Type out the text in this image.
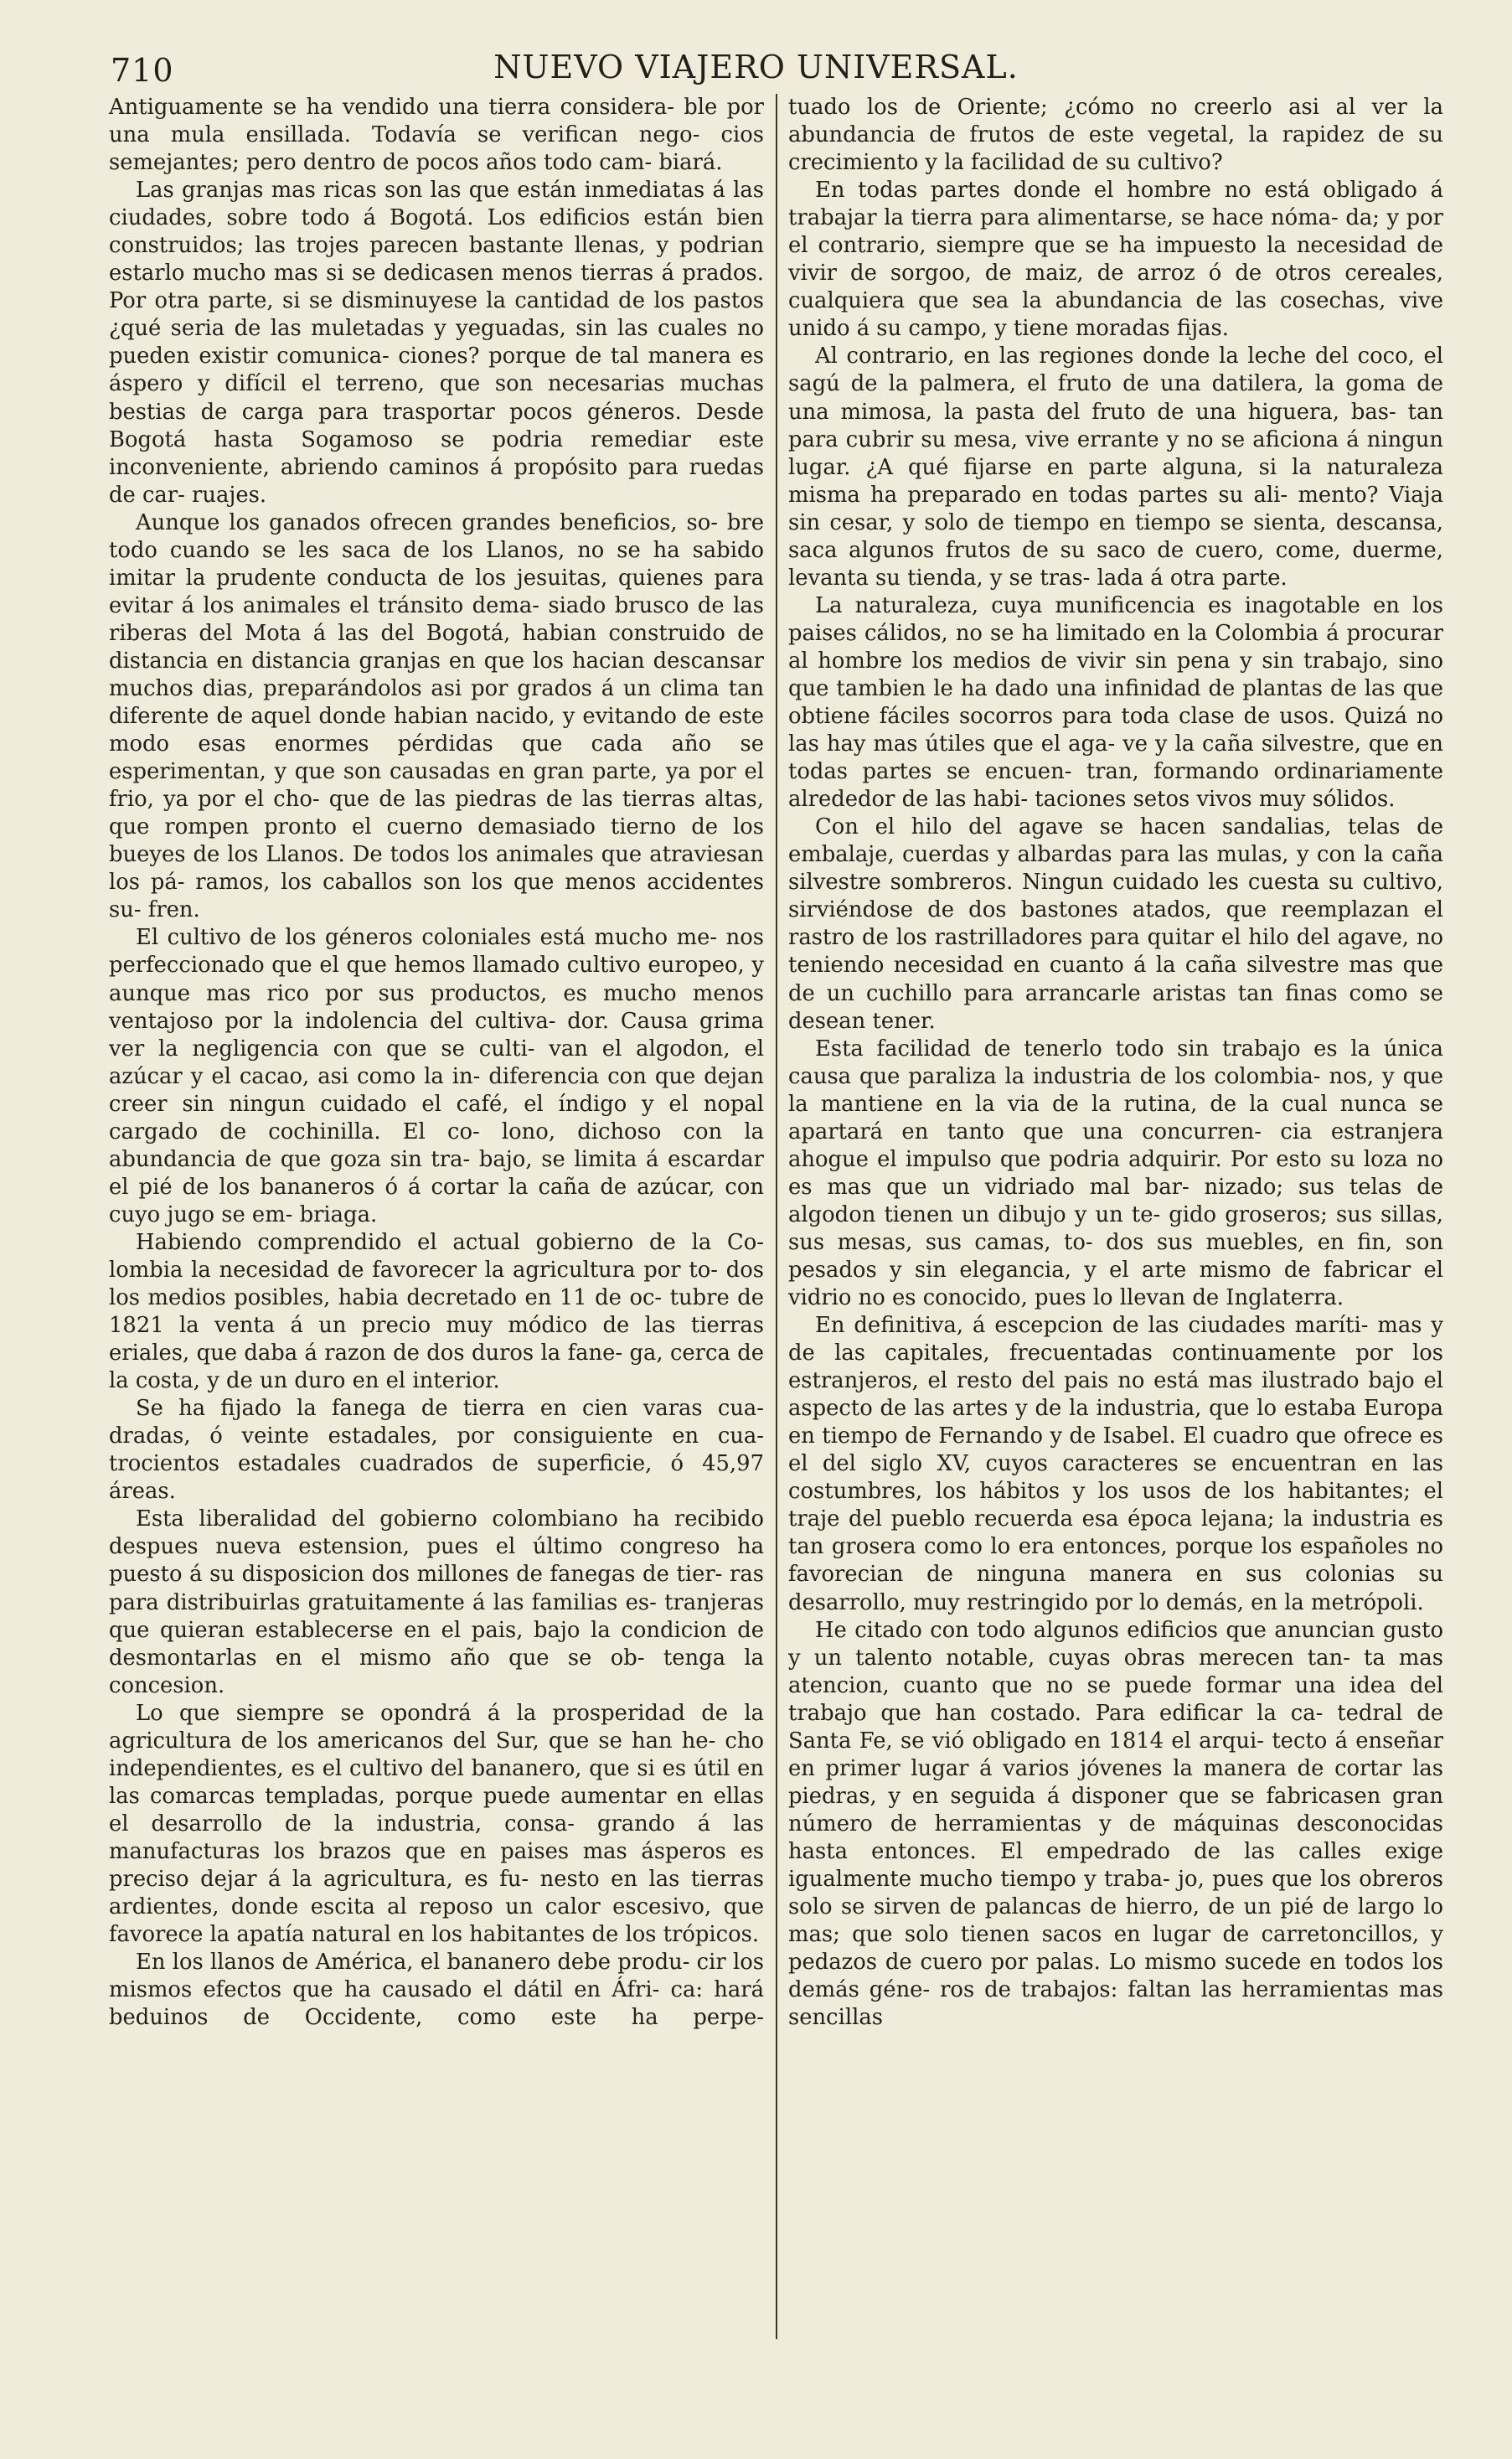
710	NUEVO VIAJERO UNIVERSAL.

Antiguamente se ha vendido una tierra considera- ble por una mula ensillada. Todavía se verifican nego- cios semejantes; pero dentro de pocos años todo cam- biará.

Las granjas mas ricas son las que están inmediatas á las ciudades, sobre todo á Bogotá. Los edificios están bien construidos; las trojes parecen bastante llenas, y podrian estarlo mucho mas si se dedicasen menos tierras á prados. Por otra parte, si se disminuyese la cantidad de los pastos ¿qué seria de las muletadas y yeguadas, sin las cuales no pueden existir comunica- ciones? porque de tal manera es áspero y difícil el terreno, que son necesarias muchas bestias de carga para trasportar pocos géneros. Desde Bogotá hasta Sogamoso se podria remediar este inconveniente, abriendo caminos á propósito para ruedas de car- ruajes.

Aunque los ganados ofrecen grandes beneficios, so- bre todo cuando se les saca de los Llanos, no se ha sabido imitar la prudente conducta de los jesuitas, quienes para evitar á los animales el tránsito dema- siado brusco de las riberas del Mota á las del Bogotá, habian construido de distancia en distancia granjas en que los hacian descansar muchos dias, preparándolos asi por grados á un clima tan diferente de aquel donde habian nacido, y evitando de este modo esas enormes pérdidas que cada año se esperimentan, y que son causadas en gran parte, ya por el frio, ya por el cho- que de las piedras de las tierras altas, que rompen pronto el cuerno demasiado tierno de los bueyes de los Llanos. De todos los animales que atraviesan los pá- ramos, los caballos son los que menos accidentes su- fren.

El cultivo de los géneros coloniales está mucho me- nos perfeccionado que el que hemos llamado cultivo europeo, y aunque mas rico por sus productos, es mucho menos ventajoso por la indolencia del cultiva- dor. Causa grima ver la negligencia con que se culti- van el algodon, el azúcar y el cacao, asi como la in- diferencia con que dejan creer sin ningun cuidado el café, el índigo y el nopal cargado de cochinilla. El co- lono, dichoso con la abundancia de que goza sin tra- bajo, se limita á escardar el pié de los bananeros ó á cortar la caña de azúcar, con cuyo jugo se em- briaga.

Habiendo comprendido el actual gobierno de la Co- lombia la necesidad de favorecer la agricultura por to- dos los medios posibles, habia decretado en 11 de oc- tubre de 1821 la venta á un precio muy módico de las tierras eriales, que daba á razon de dos duros la fane- ga, cerca de la costa, y de un duro en el interior.

Se ha fijado la fanega de tierra en cien varas cua- dradas, ó veinte estadales, por consiguiente en cua- trocientos estadales cuadrados de superficie, ó 45,97 áreas.

Esta liberalidad del gobierno colombiano ha recibido despues nueva estension, pues el último congreso ha puesto á su disposicion dos millones de fanegas de tier- ras para distribuirlas gratuitamente á las familias es- tranjeras que quieran establecerse en el pais, bajo la condicion de desmontarlas en el mismo año que se ob- tenga la concesion.

Lo que siempre se opondrá á la prosperidad de la agricultura de los americanos del Sur, que se han he- cho independientes, es el cultivo del bananero, que si es útil en las comarcas templadas, porque puede aumentar en ellas el desarrollo de la industria, consa- grando á las manufacturas los brazos que en paises mas ásperos es preciso dejar á la agricultura, es fu- nesto en las tierras ardientes, donde escita al reposo un calor escesivo, que favorece la apatía natural en los habitantes de los trópicos.

En los llanos de América, el bananero debe produ- cir los mismos efectos que ha causado el dátil en Áfri- ca: hará beduinos de Occidente, como este ha perpe-

tuado los de Oriente; ¿cómo no creerlo asi al ver la abundancia de frutos de este vegetal, la rapidez de su crecimiento y la facilidad de su cultivo?

En todas partes donde el hombre no está obligado á trabajar la tierra para alimentarse, se hace nóma- da; y por el contrario, siempre que se ha impuesto la necesidad de vivir de sorgoo, de maiz, de arroz ó de otros cereales, cualquiera que sea la abundancia de las cosechas, vive unido á su campo, y tiene moradas fijas.

Al contrario, en las regiones donde la leche del coco, el sagú de la palmera, el fruto de una datilera, la goma de una mimosa, la pasta del fruto de una higuera, bas- tan para cubrir su mesa, vive errante y no se aficiona á ningun lugar. ¿A qué fijarse en parte alguna, si la naturaleza misma ha preparado en todas partes su ali- mento? Viaja sin cesar, y solo de tiempo en tiempo se sienta, descansa, saca algunos frutos de su saco de cuero, come, duerme, levanta su tienda, y se tras- lada á otra parte.

La naturaleza, cuya munificencia es inagotable en los paises cálidos, no se ha limitado en la Colombia á procurar al hombre los medios de vivir sin pena y sin trabajo, sino que tambien le ha dado una infinidad de plantas de las que obtiene fáciles socorros para toda clase de usos. Quizá no las hay mas útiles que el aga- ve y la caña silvestre, que en todas partes se encuen- tran, formando ordinariamente alrededor de las habi- taciones setos vivos muy sólidos.

Con el hilo del agave se hacen sandalias, telas de embalaje, cuerdas y albardas para las mulas, y con la caña silvestre sombreros. Ningun cuidado les cuesta su cultivo, sirviéndose de dos bastones atados, que reemplazan el rastro de los rastrilladores para quitar el hilo del agave, no teniendo necesidad en cuanto á la caña silvestre mas que de un cuchillo para arrancarle aristas tan finas como se desean tener.

Esta facilidad de tenerlo todo sin trabajo es la única causa que paraliza la industria de los colombia- nos, y que la mantiene en la via de la rutina, de la cual nunca se apartará en tanto que una concurren- cia estranjera ahogue el impulso que podria adquirir. Por esto su loza no es mas que un vidriado mal bar- nizado; sus telas de algodon tienen un dibujo y un te- gido groseros; sus sillas, sus mesas, sus camas, to- dos sus muebles, en fin, son pesados y sin elegancia, y el arte mismo de fabricar el vidrio no es conocido, pues lo llevan de Inglaterra.

En definitiva, á escepcion de las ciudades maríti- mas y de las capitales, frecuentadas continuamente por los estranjeros, el resto del pais no está mas ilustrado bajo el aspecto de las artes y de la industria, que lo estaba Europa en tiempo de Fernando y de Isabel. El cuadro que ofrece es el del siglo XV, cuyos caracteres se encuentran en las costumbres, los hábitos y los usos de los habitantes; el traje del pueblo recuerda esa época lejana; la industria es tan grosera como lo era entonces, porque los españoles no favorecian de ninguna manera en sus colonias su desarrollo, muy restringido por lo demás, en la metrópoli.

He citado con todo algunos edificios que anuncian gusto y un talento notable, cuyas obras merecen tan- ta mas atencion, cuanto que no se puede formar una idea del trabajo que han costado. Para edificar la ca- tedral de Santa Fe, se vió obligado en 1814 el arqui- tecto á enseñar en primer lugar á varios jóvenes la manera de cortar las piedras, y en seguida á disponer que se fabricasen gran número de herramientas y de máquinas desconocidas hasta entonces. El empedrado de las calles exige igualmente mucho tiempo y traba- jo, pues que los obreros solo se sirven de palancas de hierro, de un pié de largo lo mas; que solo tienen sacos en lugar de carretoncillos, y pedazos de cuero por palas. Lo mismo sucede en todos los demás géne- ros de trabajos: faltan las herramientas mas sencillas
